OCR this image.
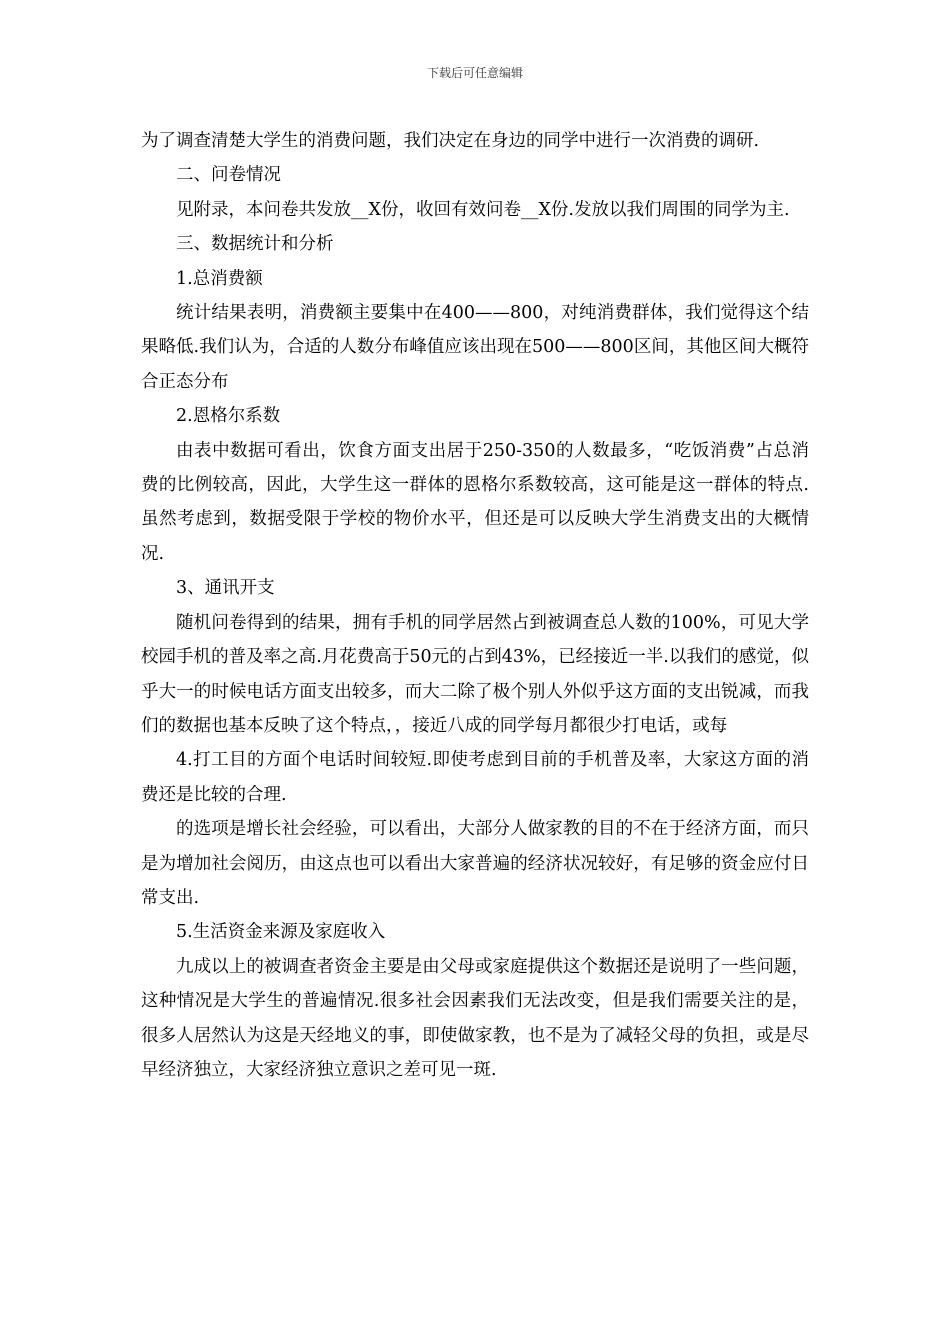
下载后可任意编辑

为了调查清楚大学生的消费问题，我们决定在身边的同学中进行一次消费的调研.

二、问卷情况

见附录，本问卷共发放__X份，收回有效问卷__X份.发放以我们周围的同学为主.

三、数据统计和分析

1.总消费额

统计结果表明，消费额主要集中在400——800，对纯消费群体，我们觉得这个结果略低.我们认为，合适的人数分布峰值应该出现在500——800区间，其他区间大概符合正态分布

2.恩格尔系数

由表中数据可看出，饮食方面支出居于250-350的人数最多，“吃饭消费”占总消费的比例较高，因此，大学生这一群体的恩格尔系数较高，这可能是这一群体的特点.虽然考虑到，数据受限于学校的物价水平，但还是可以反映大学生消费支出的大概情况.

3、通讯开支

随机问卷得到的结果，拥有手机的同学居然占到被调查总人数的100%，可见大学校园手机的普及率之高.月花费高于50元的占到43%，已经接近一半.以我们的感觉，似乎大一的时候电话方面支出较多，而大二除了极个别人外似乎这方面的支出锐减，而我们的数据也基本反映了这个特点，，接近八成的同学每月都很少打电话，或每

4.打工目的方面个电话时间较短.即使考虑到目前的手机普及率，大家这方面的消费还是比较的合理.

的选项是增长社会经验，可以看出，大部分人做家教的目的不在于经济方面，而只是为增加社会阅历，由这点也可以看出大家普遍的经济状况较好，有足够的资金应付日常支出.

5.生活资金来源及家庭收入

九成以上的被调查者资金主要是由父母或家庭提供这个数据还是说明了一些问题，这种情况是大学生的普遍情况.很多社会因素我们无法改变，但是我们需要关注的是，很多人居然认为这是天经地义的事，即使做家教，也不是为了减轻父母的负担，或是尽早经济独立，大家经济独立意识之差可见一斑.
